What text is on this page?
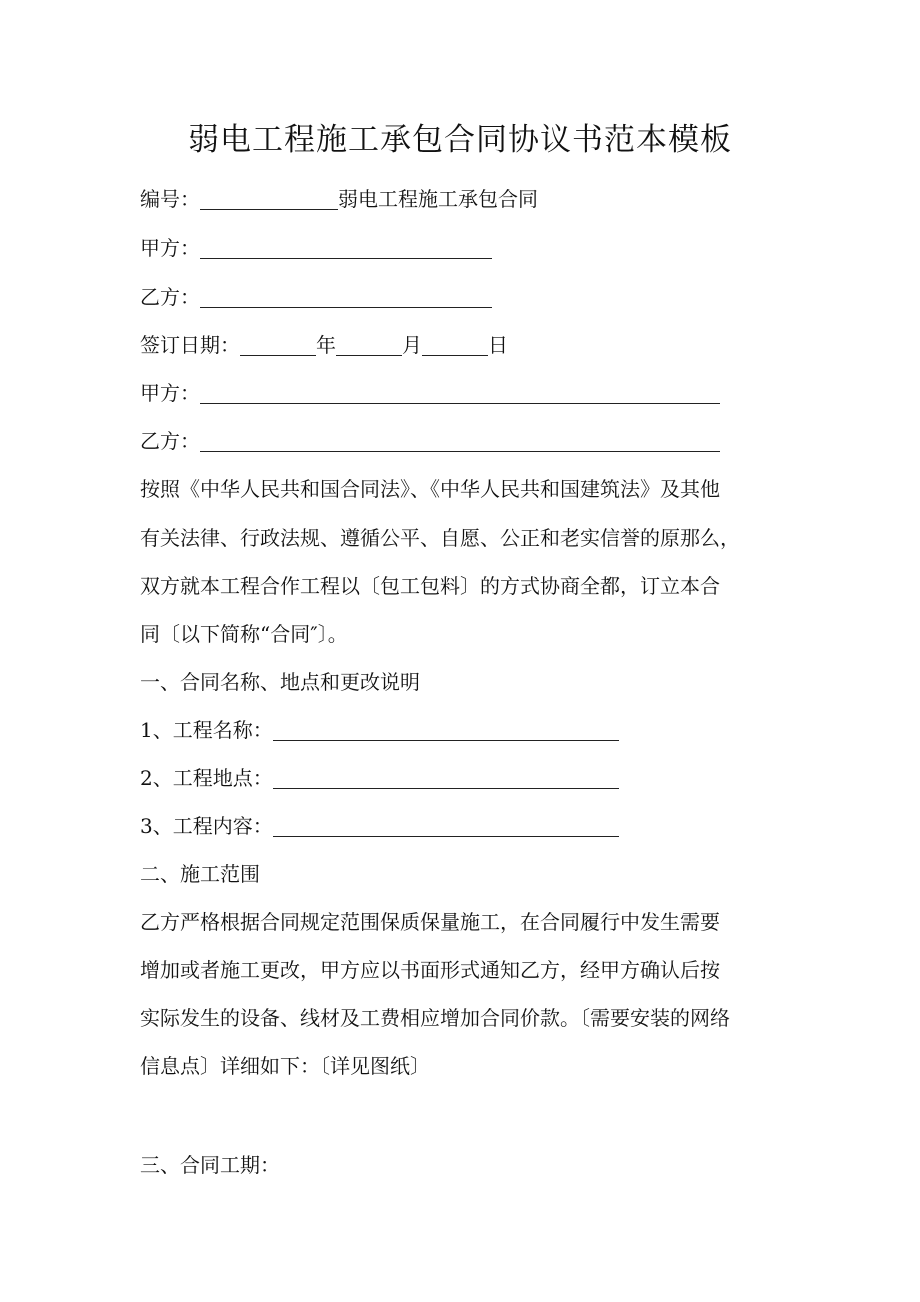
弱电工程施工承包合同协议书范本模板
编号：	弱电工程施工承包合同
甲方：
乙方：
签订日期：	年	月	日
甲方：
乙方：
按照《中华人民共和国合同法》、《中华人民共和国建筑法》及其他
有关法律、行政法规、遵循公平、自愿、公正和老实信誉的原那么，
双方就本工程合作工程以〔包工包料〕的方式协商全都，订立本合
同〔以下简称“合同″〕。
一、合同名称、地点和更改说明
1、工程名称：
2、工程地点：
3、工程内容：
二、施工范围
乙方严格根据合同规定范围保质保量施工，在合同履行中发生需要
增加或者施工更改，甲方应以书面形式通知乙方，经甲方确认后按
实际发生的设备、线材及工费相应增加合同价款。〔需要安装的网络
信息点〕详细如下：〔详见图纸〕
三、合同工期：
